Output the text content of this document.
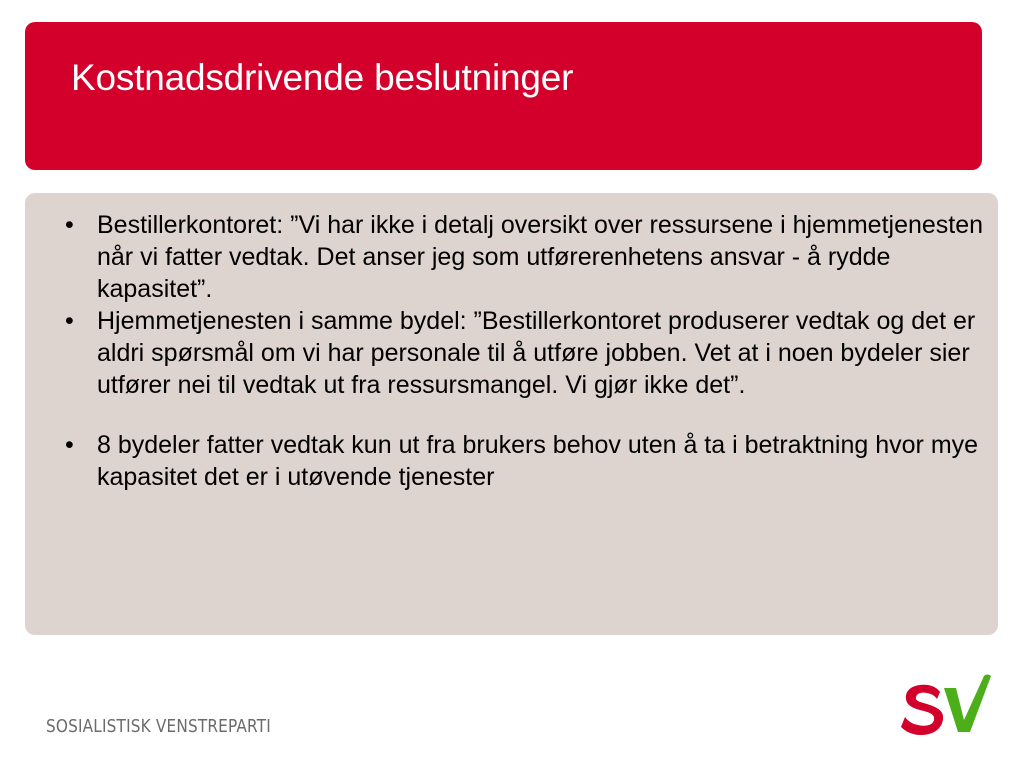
Kostnadsdrivende beslutninger
• Bestillerkontoret: ”Vi har ikke i detalj oversikt over ressursene i hjemmetjenesten når vi fatter vedtak. Det anser jeg som utførerenhetens ansvar - å rydde kapasitet”.
• Hjemmetjenesten i samme bydel: ”Bestillerkontoret produserer vedtak og det er aldri spørsmål om vi har personale til å utføre jobben. Vet at i noen bydeler sier utfører nei til vedtak ut fra ressursmangel. Vi gjør ikke det”.
• 8 bydeler fatter vedtak kun ut fra brukers behov uten å ta i betraktning hvor mye kapasitet det er i utøvende tjenester
SOSIALISTISK VENSTREPARTI
